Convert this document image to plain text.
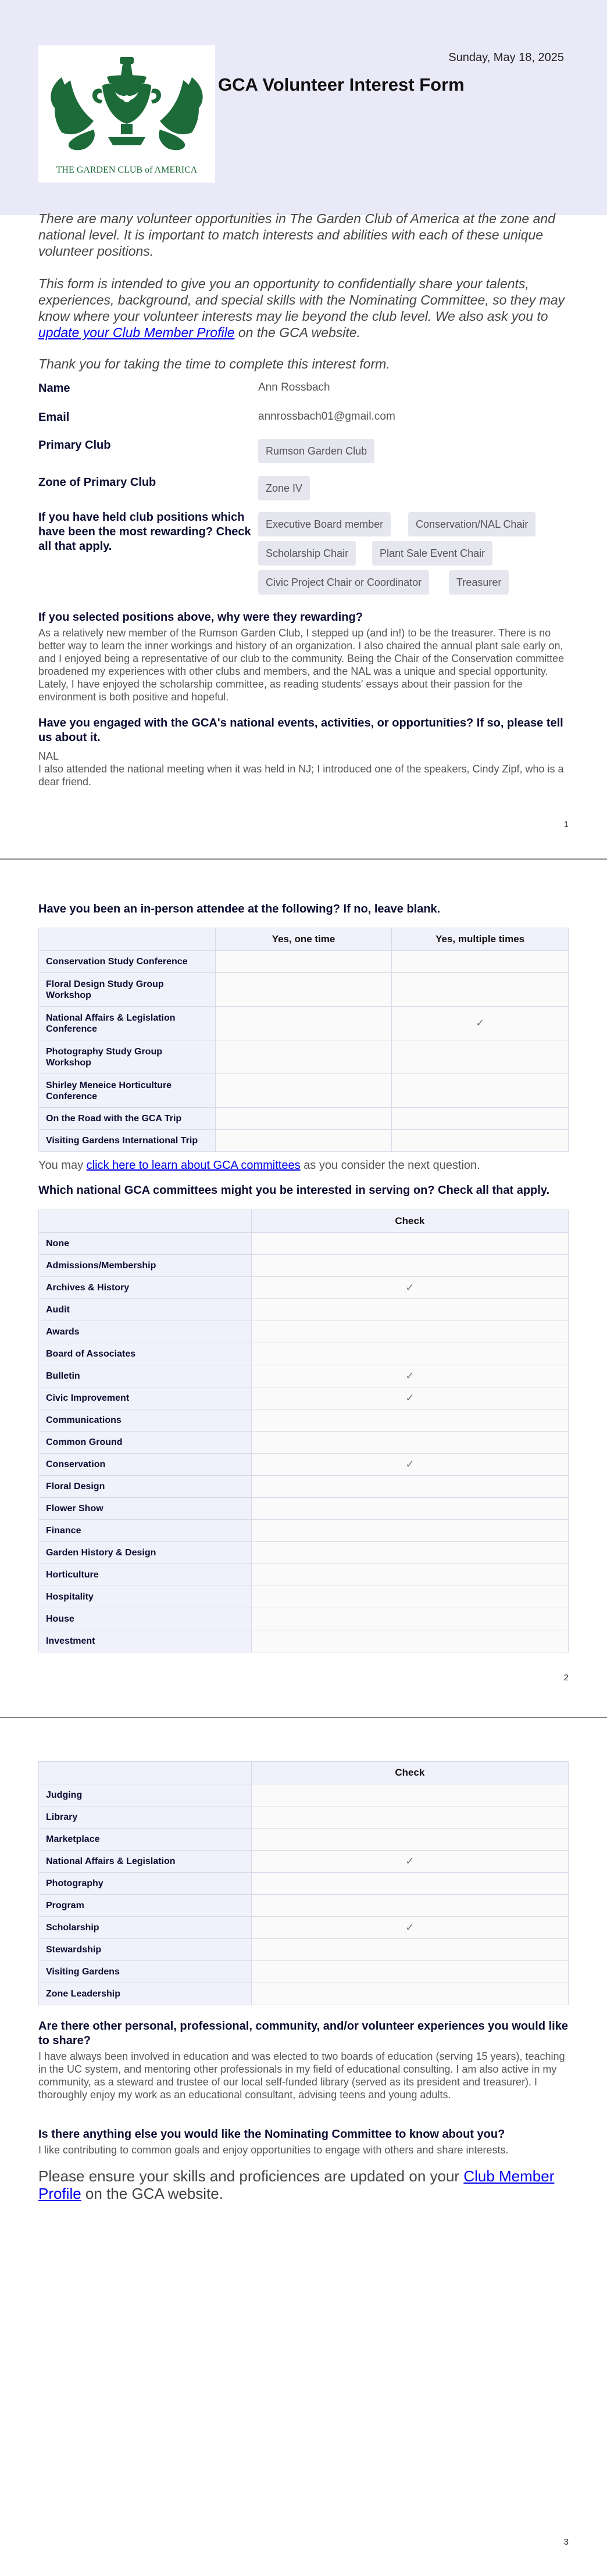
THE GARDEN CLUB of AMERICA
GCA Volunteer Interest Form
Sunday, May 18, 2025
There are many volunteer opportunities in The Garden Club of America at the zone and national level. It is important to match interests and abilities with each of these unique volunteer positions.
This form is intended to give you an opportunity to confidentially share your talents, experiences, background, and special skills with the Nominating Committee, so they may know where your volunteer interests may lie beyond the club level. We also ask you to update your Club Member Profile on the GCA website.
Thank you for taking the time to complete this interest form.
Name	Ann Rossbach
Email	annrossbach01@gmail.com
Primary Club	Rumson Garden Club
Zone of Primary Club	Zone IV
If you have held club positions which have been the most rewarding? Check all that apply.
Executive Board member	Conservation/NAL Chair
Scholarship Chair	Plant Sale Event Chair
Civic Project Chair or Coordinator	Treasurer
If you selected positions above, why were they rewarding?
As a relatively new member of the Rumson Garden Club, I stepped up (and in!) to be the treasurer. There is no better way to learn the inner workings and history of an organization. I also chaired the annual plant sale early on, and I enjoyed being a representative of our club to the community. Being the Chair of the Conservation committee broadened my experiences with other clubs and members, and the NAL was a unique and special opportunity. Lately, I have enjoyed the scholarship committee, as reading students' essays about their passion for the environment is both positive and hopeful.
Have you engaged with the GCA's national events, activities, or opportunities? If so, please tell us about it.
NAL
I also attended the national meeting when it was held in NJ; I introduced one of the speakers, Cindy Zipf, who is a dear friend.
1
Have you been an in-person attendee at the following? If no, leave blank.
	Yes, one time	Yes, multiple times
Conservation Study Conference		
Floral Design Study Group Workshop		
National Affairs & Legislation Conference		✓
Photography Study Group Workshop		
Shirley Meneice Horticulture Conference		
On the Road with the GCA Trip		
Visiting Gardens International Trip		
You may click here to learn about GCA committees as you consider the next question.
Which national GCA committees might you be interested in serving on? Check all that apply.
	Check
None	
Admissions/Membership	
Archives & History	✓
Audit	
Awards	
Board of Associates	
Bulletin	✓
Civic Improvement	✓
Communications	
Common Ground	
Conservation	✓
Floral Design	
Flower Show	
Finance	
Garden History & Design	
Horticulture	
Hospitality	
House	
Investment	
2
	Check
Judging	
Library	
Marketplace	
National Affairs & Legislation	✓
Photography	
Program	
Scholarship	✓
Stewardship	
Visiting Gardens	
Zone Leadership	
Are there other personal, professional, community, and/or volunteer experiences you would like to share?
I have always been involved in education and was elected to two boards of education (serving 15 years), teaching in the UC system, and mentoring other professionals in my field of educational consulting. I am also active in my community, as a steward and trustee of our local self-funded library (served as its president and treasurer). I thoroughly enjoy my work as an educational consultant, advising teens and young adults.
Is there anything else you would like the Nominating Committee to know about you?
I like contributing to common goals and enjoy opportunities to engage with others and share interests.
Please ensure your skills and proficiences are updated on your Club Member Profile on the GCA website.
3
